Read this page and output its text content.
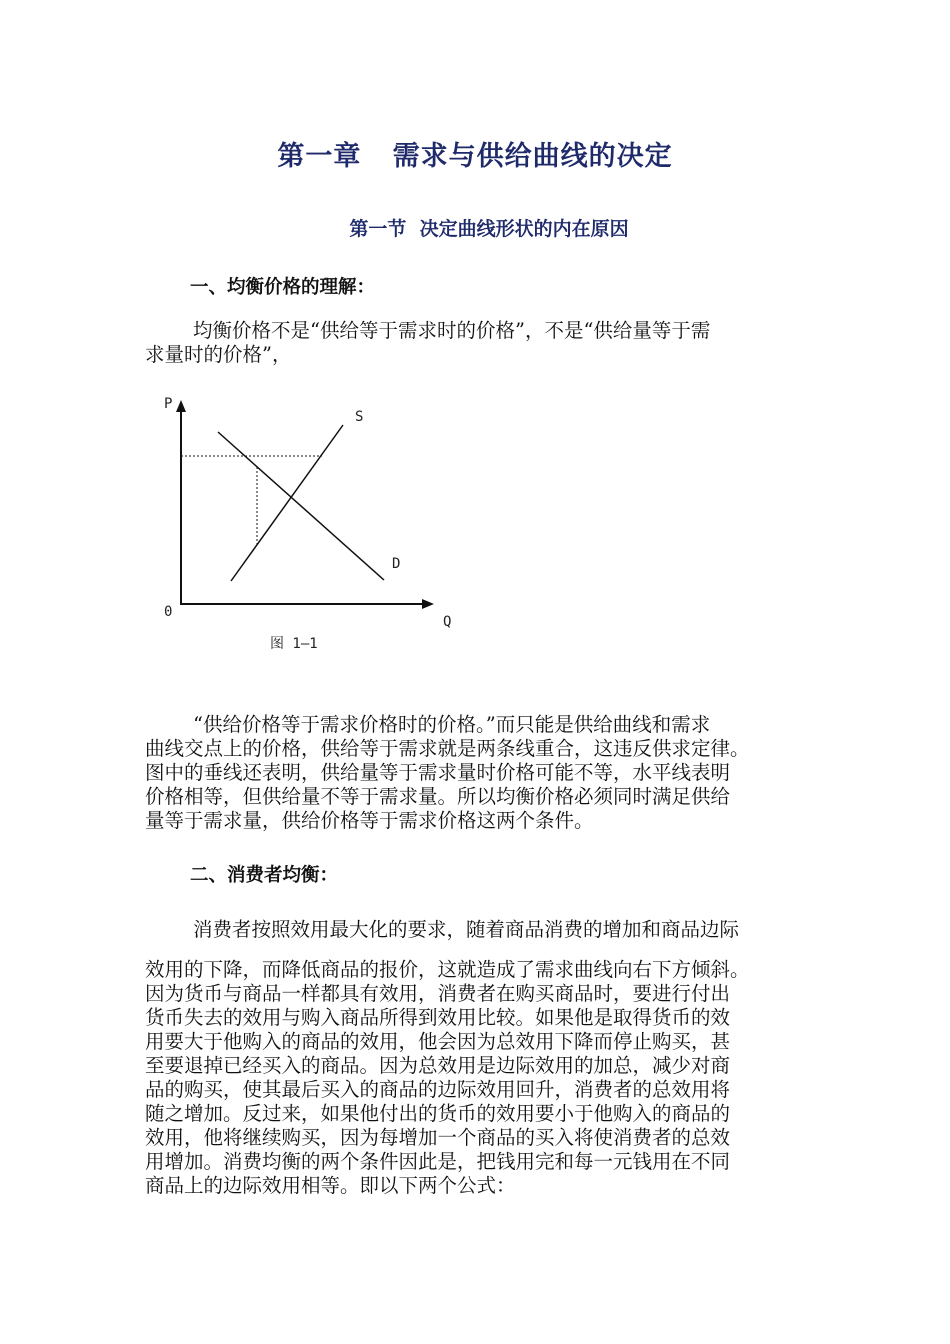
第一章   需求与供给曲线的决定
第一节  决定曲线形状的内在原因
一、均衡价格的理解：
均衡价格不是“供给等于需求时的价格”，不是“供给量等于需
求量时的价格”，
P
0
Q
S
D
图 1—1
“供给价格等于需求价格时的价格。”而只能是供给曲线和需求
曲线交点上的价格，供给等于需求就是两条线重合，这违反供求定律。
图中的垂线还表明，供给量等于需求量时价格可能不等，水平线表明
价格相等，但供给量不等于需求量。所以均衡价格必须同时满足供给
量等于需求量，供给价格等于需求价格这两个条件。
二、消费者均衡：
消费者按照效用最大化的要求，随着商品消费的增加和商品边际
效用的下降，而降低商品的报价，这就造成了需求曲线向右下方倾斜。
因为货币与商品一样都具有效用，消费者在购买商品时，要进行付出
货币失去的效用与购入商品所得到效用比较。如果他是取得货币的效
用要大于他购入的商品的效用，他会因为总效用下降而停止购买，甚
至要退掉已经买入的商品。因为总效用是边际效用的加总，减少对商
品的购买，使其最后买入的商品的边际效用回升，消费者的总效用将
随之增加。反过来，如果他付出的货币的效用要小于他购入的商品的
效用，他将继续购买，因为每增加一个商品的买入将使消费者的总效
用增加。消费均衡的两个条件因此是，把钱用完和每一元钱用在不同
商品上的边际效用相等。即以下两个公式：
